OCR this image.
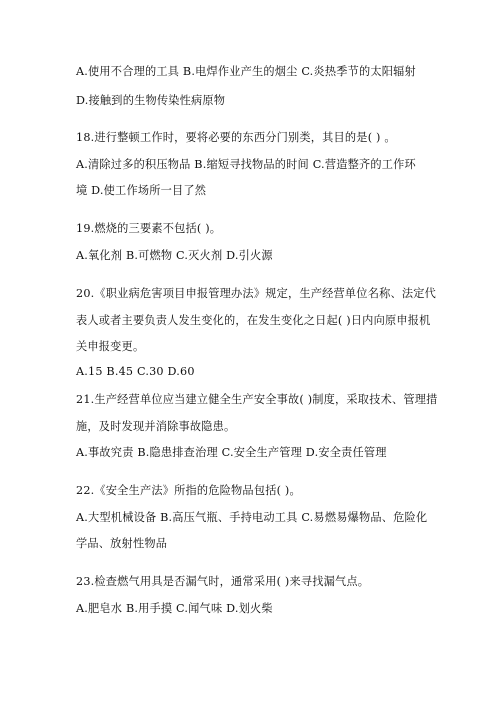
A.使用不合理的工具 B.电焊作业产生的烟尘 C.炎热季节的太阳辐射
D.接触到的生物传染性病原物
18.进行整顿工作时，要将必要的东西分门别类，其目的是( ) 。
A.清除过多的积压物品 B.缩短寻找物品的时间 C.营造整齐的工作环
境 D.使工作场所一目了然
19.燃烧的三要素不包括( )。
A.氧化剂 B.可燃物 C.灭火剂 D.引火源
20.《职业病危害项目申报管理办法》规定，生产经营单位名称、法定代
表人或者主要负责人发生变化的，在发生变化之日起( )日内向原申报机
关申报变更。
A.15 B.45 C.30 D.60
21.生产经营单位应当建立健全生产安全事故( )制度，采取技术、管理措
施，及时发现并消除事故隐患。
A.事故究责 B.隐患排查治理 C.安全生产管理 D.安全责任管理
22.《安全生产法》所指的危险物品包括( )。
A.大型机械设备 B.高压气瓶、手持电动工具 C.易燃易爆物品、危险化
学品、放射性物品
23.检查燃气用具是否漏气时，通常采用( )来寻找漏气点。
A.肥皂水 B.用手摸 C.闻气味 D.划火柴
